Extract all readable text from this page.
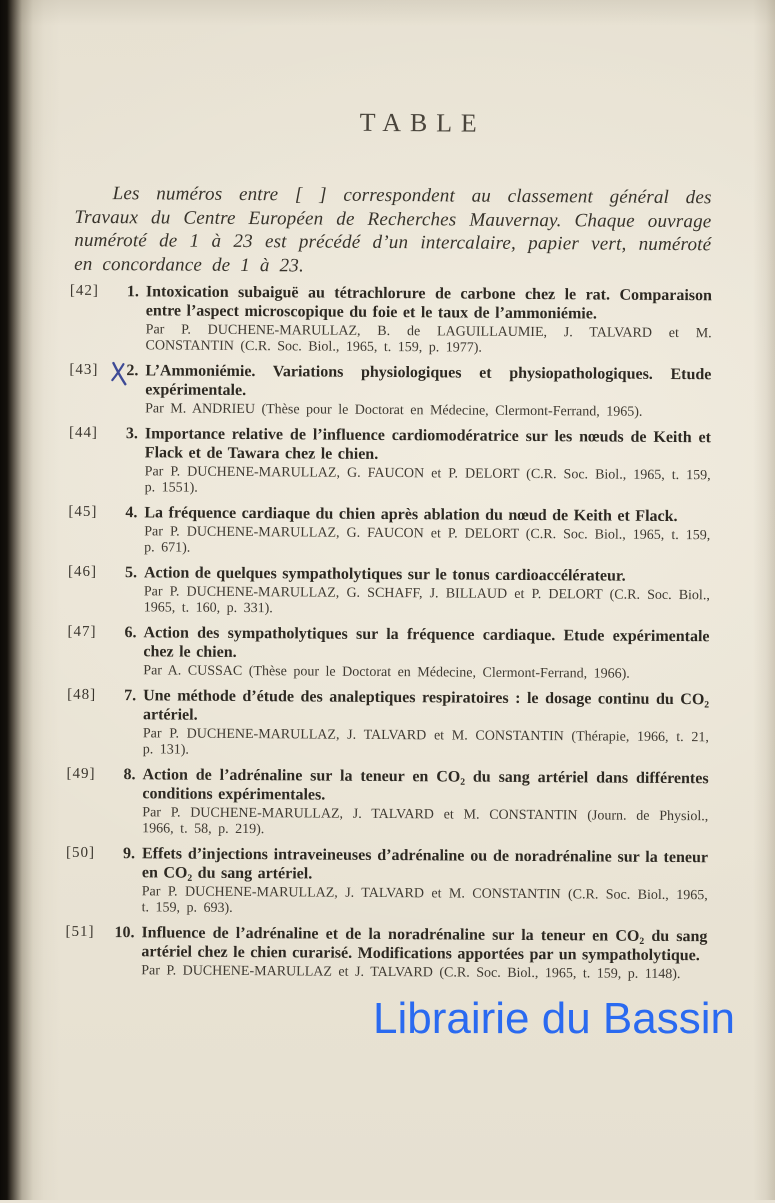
TABLE

Les numéros entre [ ] correspondent au classement général des Travaux du Centre Européen de Recherches Mauvernay. Chaque ouvrage numéroté de 1 à 23 est précédé d’un intercalaire, papier vert, numéroté en concordance de 1 à 23.

[42]	1. Intoxication subaiguë au tétrachlorure de carbone chez le rat. Comparaison entre l’aspect microscopique du foie et le taux de l’ammoniémie.
Par P. DUCHENE-MARULLAZ, B. de LAGUILLAUMIE, J. TALVARD et M. CONSTANTIN (C.R. Soc. Biol., 1965, t. 159, p. 1977).
[43]	2. L’Ammoniémie. Variations physiologiques et physiopathologiques. Etude expérimentale.
Par M. ANDRIEU (Thèse pour le Doctorat en Médecine, Clermont-Ferrand, 1965).
[44]	3. Importance relative de l’influence cardiomodératrice sur les nœuds de Keith et Flack et de Tawara chez le chien.
Par P. DUCHENE-MARULLAZ, G. FAUCON et P. DELORT (C.R. Soc. Biol., 1965, t. 159, p. 1551).
[45]	4. La fréquence cardiaque du chien après ablation du nœud de Keith et Flack.
Par P. DUCHENE-MARULLAZ, G. FAUCON et P. DELORT (C.R. Soc. Biol., 1965, t. 159, p. 671).
[46]	5. Action de quelques sympatholytiques sur le tonus cardioaccélérateur.
Par P. DUCHENE-MARULLAZ, G. SCHAFF, J. BILLAUD et P. DELORT (C.R. Soc. Biol., 1965, t. 160, p. 331).
[47]	6. Action des sympatholytiques sur la fréquence cardiaque. Etude expérimentale chez le chien.
Par A. CUSSAC (Thèse pour le Doctorat en Médecine, Clermont-Ferrand, 1966).
[48]	7. Une méthode d’étude des analeptiques respiratoires : le dosage continu du CO₂ artériel.
Par P. DUCHENE-MARULLAZ, J. TALVARD et M. CONSTANTIN (Thérapie, 1966, t. 21, p. 131).
[49]	8. Action de l’adrénaline sur la teneur en CO₂ du sang artériel dans différentes conditions expérimentales.
Par P. DUCHENE-MARULLAZ, J. TALVARD et M. CONSTANTIN (Journ. de Physiol., 1966, t. 58, p. 219).
[50]	9. Effets d’injections intraveineuses d’adrénaline ou de noradrénaline sur la teneur en CO₂ du sang artériel.
Par P. DUCHENE-MARULLAZ, J. TALVARD et M. CONSTANTIN (C.R. Soc. Biol., 1965, t. 159, p. 693).
[51]	10. Influence de l’adrénaline et de la noradrénaline sur la teneur en CO₂ du sang artériel chez le chien curarisé. Modifications apportées par un sympatholytique.
Par P. DUCHENE-MARULLAZ et J. TALVARD (C.R. Soc. Biol., 1965, t. 159, p. 1148).
Librairie du Bassin
